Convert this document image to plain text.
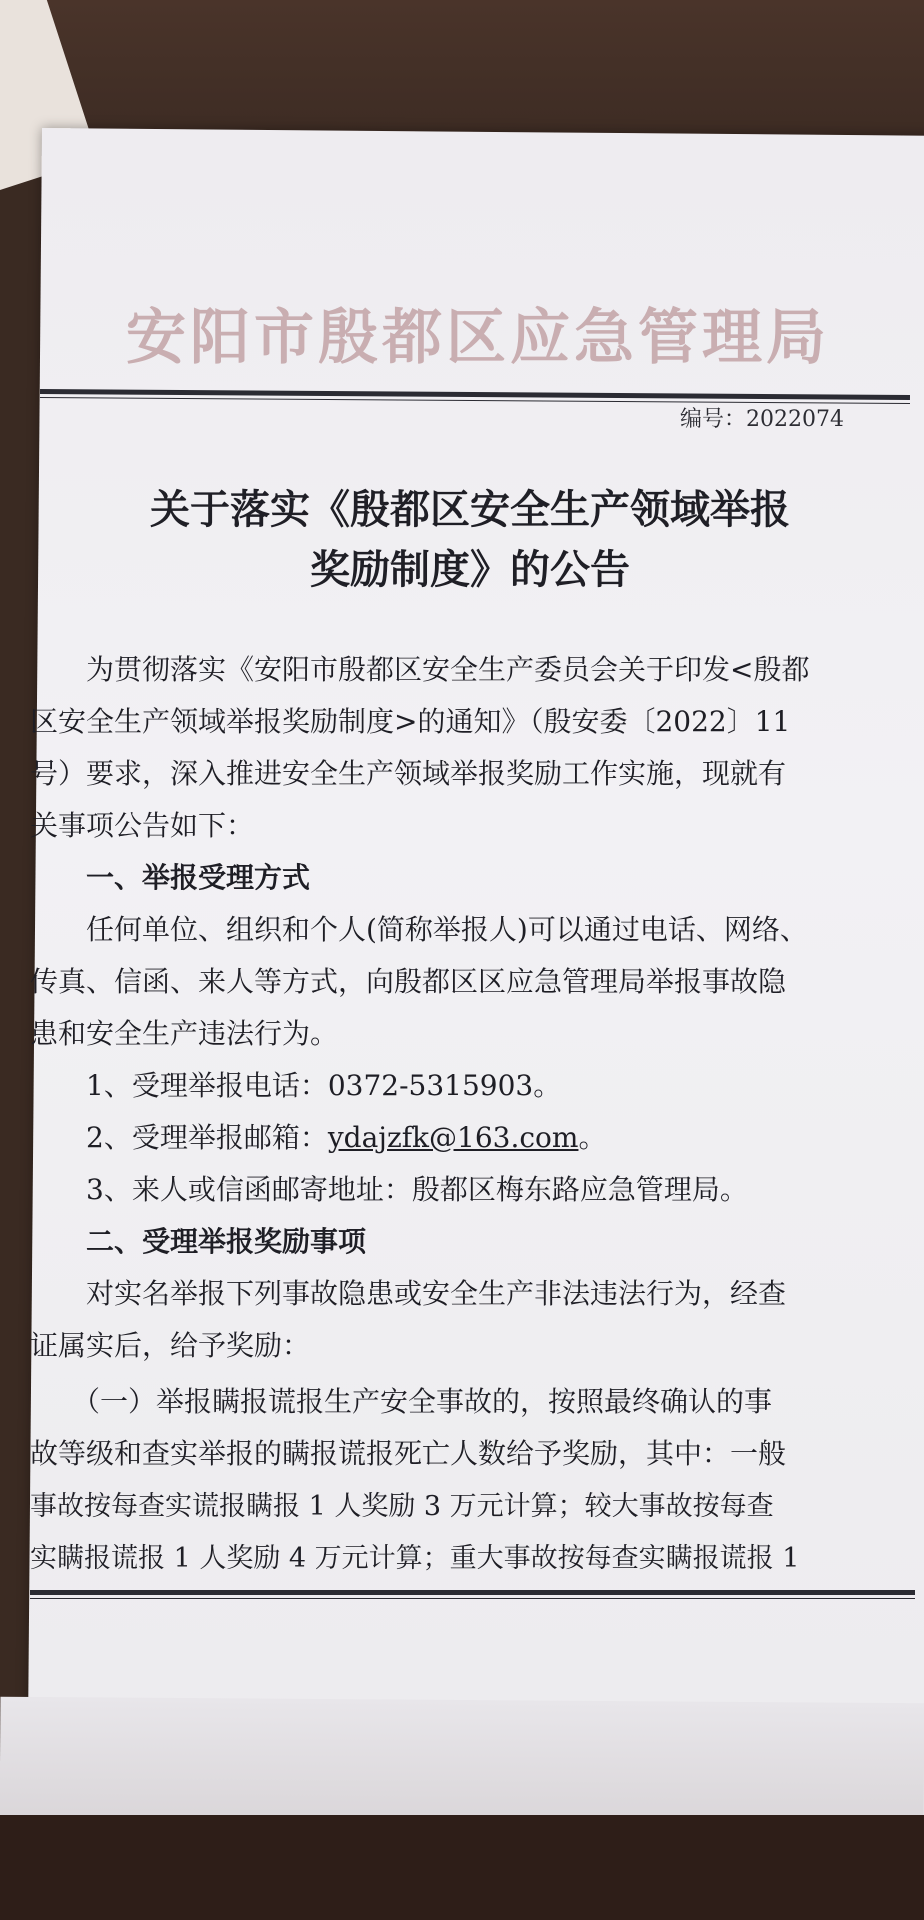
安阳市殷都区应急管理局
编号：2022074
关于落实《殷都区安全生产领域举报
奖励制度》的公告
　　为贯彻落实《安阳市殷都区安全生产委员会关于印发<殷都
区安全生产领域举报奖励制度>的通知》（殷安委〔2022〕11
号）要求，深入推进安全生产领域举报奖励工作实施，现就有
关事项公告如下：
　　一、举报受理方式
　　任何单位、组织和个人(简称举报人)可以通过电话、网络、
传真、信函、来人等方式，向殷都区区应急管理局举报事故隐
患和安全生产违法行为。
　　1、受理举报电话：0372-5315903。
　　2、受理举报邮箱：ydajzfk@163.com。
　　3、来人或信函邮寄地址：殷都区梅东路应急管理局。
　　二、受理举报奖励事项
　　对实名举报下列事故隐患或安全生产非法违法行为，经查
证属实后，给予奖励：
　　（一）举报瞒报谎报生产安全事故的，按照最终确认的事
故等级和查实举报的瞒报谎报死亡人数给予奖励，其中：一般
事故按每查实谎报瞒报 1 人奖励 3 万元计算；较大事故按每查
实瞒报谎报 1 人奖励 4 万元计算；重大事故按每查实瞒报谎报 1
